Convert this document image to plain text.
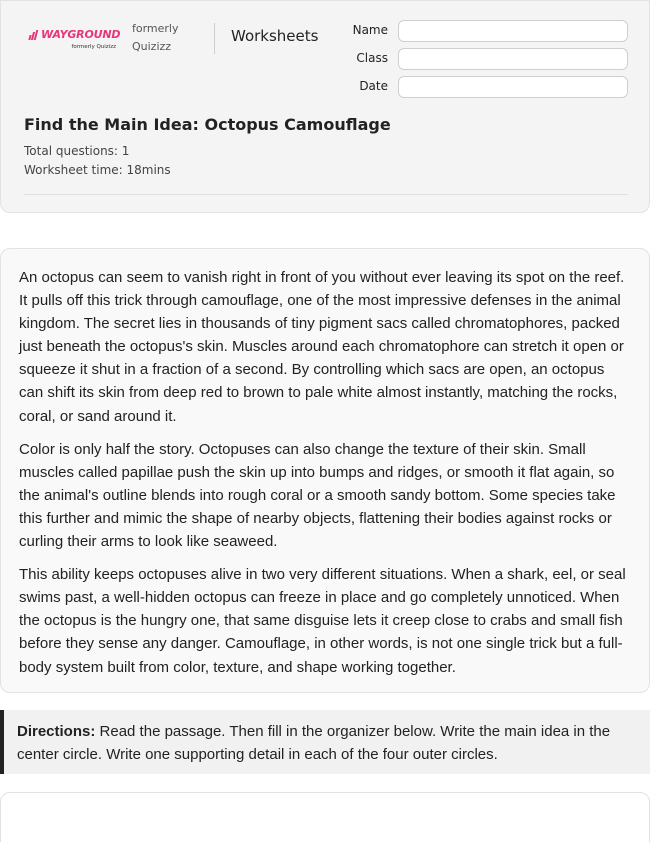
WAYGROUND
formerly Quizizz
formerly
Quizizz
Worksheets	Name
Class
Date
Find the Main Idea: Octopus Camouflage
Total questions: 1
Worksheet time: 18mins

An octopus can seem to vanish right in front of you without ever leaving its spot on the reef. It pulls off this trick through camouflage, one of the most impressive defenses in the animal kingdom. The secret lies in thousands of tiny pigment sacs called chromatophores, packed just beneath the octopus's skin. Muscles around each chromatophore can stretch it open or squeeze it shut in a fraction of a second. By controlling which sacs are open, an octopus can shift its skin from deep red to brown to pale white almost instantly, matching the rocks, coral, or sand around it.

Color is only half the story. Octopuses can also change the texture of their skin. Small muscles called papillae push the skin up into bumps and ridges, or smooth it flat again, so the animal's outline blends into rough coral or a smooth sandy bottom. Some species take this further and mimic the shape of nearby objects, flattening their bodies against rocks or curling their arms to look like seaweed.

This ability keeps octopuses alive in two very different situations. When a shark, eel, or seal swims past, a well-hidden octopus can freeze in place and go completely unnoticed. When the octopus is the hungry one, that same disguise lets it creep close to crabs and small fish before they sense any danger. Camouflage, in other words, is not one single trick but a full-body system built from color, texture, and shape working together.

Directions: Read the passage. Then fill in the organizer below. Write the main idea in the center circle. Write one supporting detail in each of the four outer circles.
